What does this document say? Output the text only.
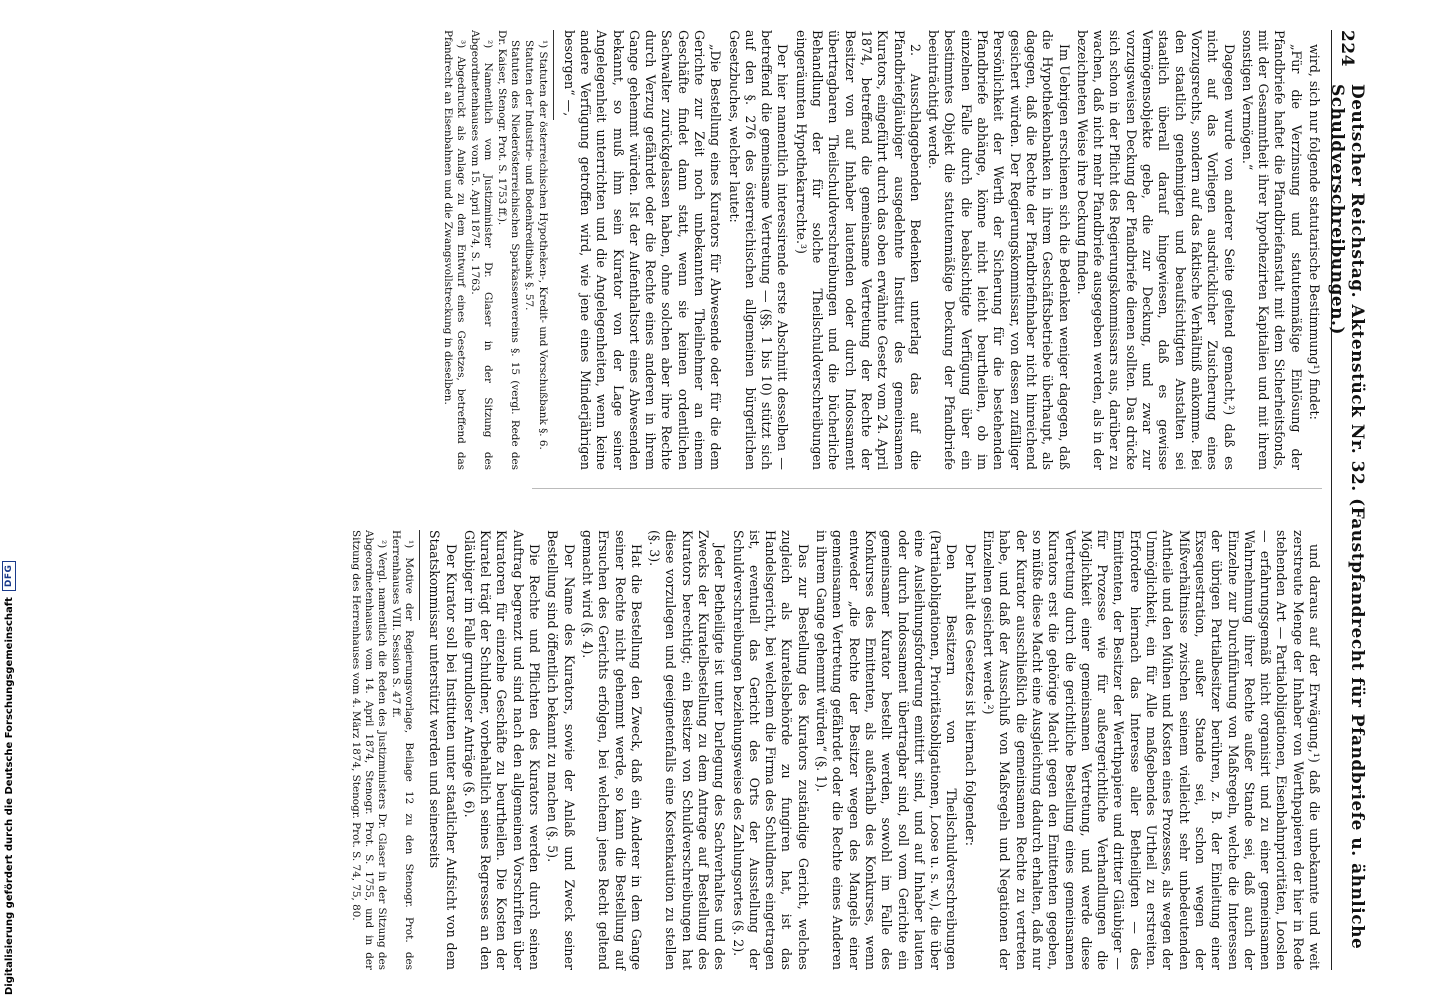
224
Deutscher Reichstag. Aktenstück Nr. 32. (Faustpfandrecht für Pfandbriefe u. ähnliche Schuldverschreibungen.)

wird, sich nur folgende statutarische Bestimmung¹) findet:

„Für die Verzinsung und statutenmäßige Einlösung der Pfandbriefe haftet die Pfandbriefanstalt mit dem Sicherheitsfonds, mit der Gesammtheit ihrer hypothezirten Kapitalien und mit ihrem sonstigen Vermögen.“

Dagegen wurde von anderer Seite geltend gemacht,²) daß es nicht auf das Vorliegen ausdrücklicher Zusicherung eines Vorzugsrechts, sondern auf das faktische Verhältniß ankomme. Bei den staatlich genehmigten und beaufsichtigten Anstalten sei staatlich überall darauf hingewiesen, daß es gewisse Vermögensobjekte gebe, die zur Deckung, und zwar zur vorzugsweisen Deckung der Pfandbriefe dienen sollten. Das drücke sich schon in der Pflicht des Regierungskommissars aus, darüber zu wachen, daß nicht mehr Pfandbriefe ausgegeben werden, als in der bezeichneten Weise ihre Deckung finden.

Im Uebrigen erschienen sich die Bedenken weniger dagegen, daß die Hypothekenbanken in ihrem Geschäftsbetriebe überhaupt, als dagegen, daß die Rechte der Pfandbriefinhaber nicht hinreichend gesichert würden. Der Regierungskommissar, von dessen zufälliger Persönlichkeit der Werth der Sicherung für die bestehenden Pfandbriefe abhänge, könne nicht leicht beurtheilen, ob im einzelnen Falle durch die beabsichtigte Verfügung über ein bestimmtes Objekt die statutenmäßige Deckung der Pfandbriefe beeinträchtigt werde.

2. Ausschlaggebenden Bedenken unterlag das auf die Pfandbriefgläubiger ausgedehnte Institut des gemeinsamen Kurators, eingeführt durch das oben erwähnte Gesetz vom 24. April 1874, betreffend die gemeinsame Vertretung der Rechte der Besitzer von auf Inhaber lautenden oder durch Indossament übertragbaren Theilschuldverschreibungen und die bücherliche Behandlung der für solche Theilschuldverschreibungen eingeräumten Hypothekarrechte.³)

Der hier namentlich interessirende erste Abschnitt desselben — betreffend die gemeinsame Vertretung — (§§. 1 bis 10) stützt sich auf den §. 276 des österreichischen allgemeinen bürgerlichen Gesetzbuches, welcher lautet:

„Die Bestellung eines Kurators für Abwesende oder für die dem Gerichte zur Zeit noch unbekannten Theilnehmer an einem Geschäfte findet dann statt, wenn sie keinen ordentlichen Sachwalter zurückgelassen haben, ohne solchen aber ihre Rechte durch Verzug gefährdet oder die Rechte eines anderen in ihrem Gange gehemmt würden. Ist der Aufenthaltsort eines Abwesenden bekannt, so muß ihm sein Kurator von der Lage seiner Angelegenheit unterrichten und die Angelegenheiten, wenn keine andere Verfügung getroffen wird, wie jene eines Minderjährigen besorgen“ —,

¹) Statuten der österreichischen Hypotheken-, Kredit- und Vorschußbank §. 6.

Statuten der Industrie- und Bodenkreditbank §. 57.

Statuten des Niederösterreichischen Sparkassenvereins §. 15 (vergl. Rede des Dr. Kaiser, Stenogr. Prot. S. 1753 ff.).

²) Namentlich vom Justizminister Dr. Glaser in der Sitzung des Abgeordnetenhauses vom 15. April 1874, S. 1763.

³) Abgedruckt als Anlage zu dem Entwurf eines Gesetzes, betreffend das Pfandrecht an Eisenbahnen und die Zwangsvollstreckung in dieselben.

und daraus auf der Erwägung,¹) daß die unbekannte und weit zerstreute Menge der Inhaber von Werthpapieren der hier in Rede stehenden Art — Partialobligationen, Eisenbahnprioritäten, Looslen — erfahrungsgemäß nicht organisirt und zu einer gemeinsamen Wahrnehmung ihrer Rechte außer Stande sei, daß auch der Einzelne zur Durchführung von Maßregeln, welche die Interessen der übrigen Partialbesitzer berühren, z. B. der Einleitung einer Exsequestration, außer Stande sei, schon wegen der Mißverhältnisse zwischen seinem vielleicht sehr unbedeutenden Antheile und den Mühen und Kosten eines Prozesses, als wegen der Unmöglichkeit, ein für Alle maßgebendes Urtheil zu erstreiten. Erfordere hiernach das Interesse aller Betheiligten — des Emittenten, der Besitzer der Werthpapiere und dritter Gläubiger — für Prozesse wie für außergerichtliche Verhandlungen die Möglichkeit einer gemeinsamen Vertretung, und werde diese Vertretung durch die gerichtliche Bestellung eines gemeinsamen Kurators erst die gehörige Macht gegen den Emittenten gegeben, so müßte diese Macht eine Ausgleichung dadurch erhalten, daß nur der Kurator ausschließlich die gemeinsamen Rechte zu vertreten habe, und daß der Ausschluß von Maßregeln und Negationen der Einzelnen gesichert werde.²)

Der Inhalt des Gesetzes ist hiernach folgender:

Den Besitzern von Theilschuldverschreibungen (Partialobligationen, Prioritätsobligationen, Loose u. s. w.), die über eine Ausleihungsforderung emittirt sind, und auf Inhaber lauten oder durch Indossament übertragbar sind, soll vom Gerichte ein gemeinsamer Kurator bestellt werden, sowohl im Falle des Konkurses des Emittenten, als außerhalb des Konkurses, wenn entweder „die Rechte der Besitzer wegen des Mangels einer gemeinsamen Vertretung gefährdet oder die Rechte eines Anderen in ihrem Gange gehemmt würden“ (§. 1).

Das zur Bestellung des Kurators zuständige Gericht, welches zugleich als Kuratelsbehörde zu fungiren hat, ist das Handelsgericht, bei welchem die Firma des Schuldners eingetragen ist, eventuell das Gericht des Orts der Ausstellung der Schuldverschreibungen beziehungsweise des Zahlungsortes (§. 2).

Jeder Betheiligte ist unter Darlegung des Sachverhaltes und des Zwecks der Kuratelbestellung zu dem Antrage auf Bestellung des Kurators berechtigt; ein Besitzer von Schuldverschreibungen hat diese vorzulegen und geeignetenfalls eine Kostenkaution zu stellen (§. 3).

Hat die Bestellung den Zweck, daß ein Anderer in dem Gange seiner Rechte nicht gehemmt werde, so kann die Bestellung auf Ersuchen des Gerichts erfolgen, bei welchem jenes Recht geltend gemacht wird (§. 4).

Der Name des Kurators, sowie der Anlaß und Zweck seiner Bestellung sind öffentlich bekannt zu machen (§. 5).

Die Rechte und Pflichten des Kurators werden durch seinen Auftrag begrenzt und sind nach den allgemeinen Vorschriften über Kuratoren für einzelne Geschäfte zu beurtheilen. Die Kosten der Kuratel trägt der Schuldner, vorbehaltlich seines Regresses an den Gläubiger im Falle grundloser Anträge (§. 6).

Der Kurator soll bei Instituten unter staatlicher Aufsicht von dem Staatskommissar unterstützt werden und seinerseits

¹) Motive der Regierungsvorlage, Beilage 12 zu den Stenogr. Prot. des Herrenhauses VIII. Session S. 47 ff.

²) Vergl. namentlich die Reden des Justizministers Dr. Glaser in der Sitzung des Abgeordnetenhauses vom 14. April 1874, Stenogr. Prot. S. 1755, und in der Sitzung des Herrenhauses vom 4. März 1874, Stenogr. Prot. S. 74, 75, 80.

Digitalisierung gefördert durch die Deutsche Forschungsgemeinschaft
DFG
